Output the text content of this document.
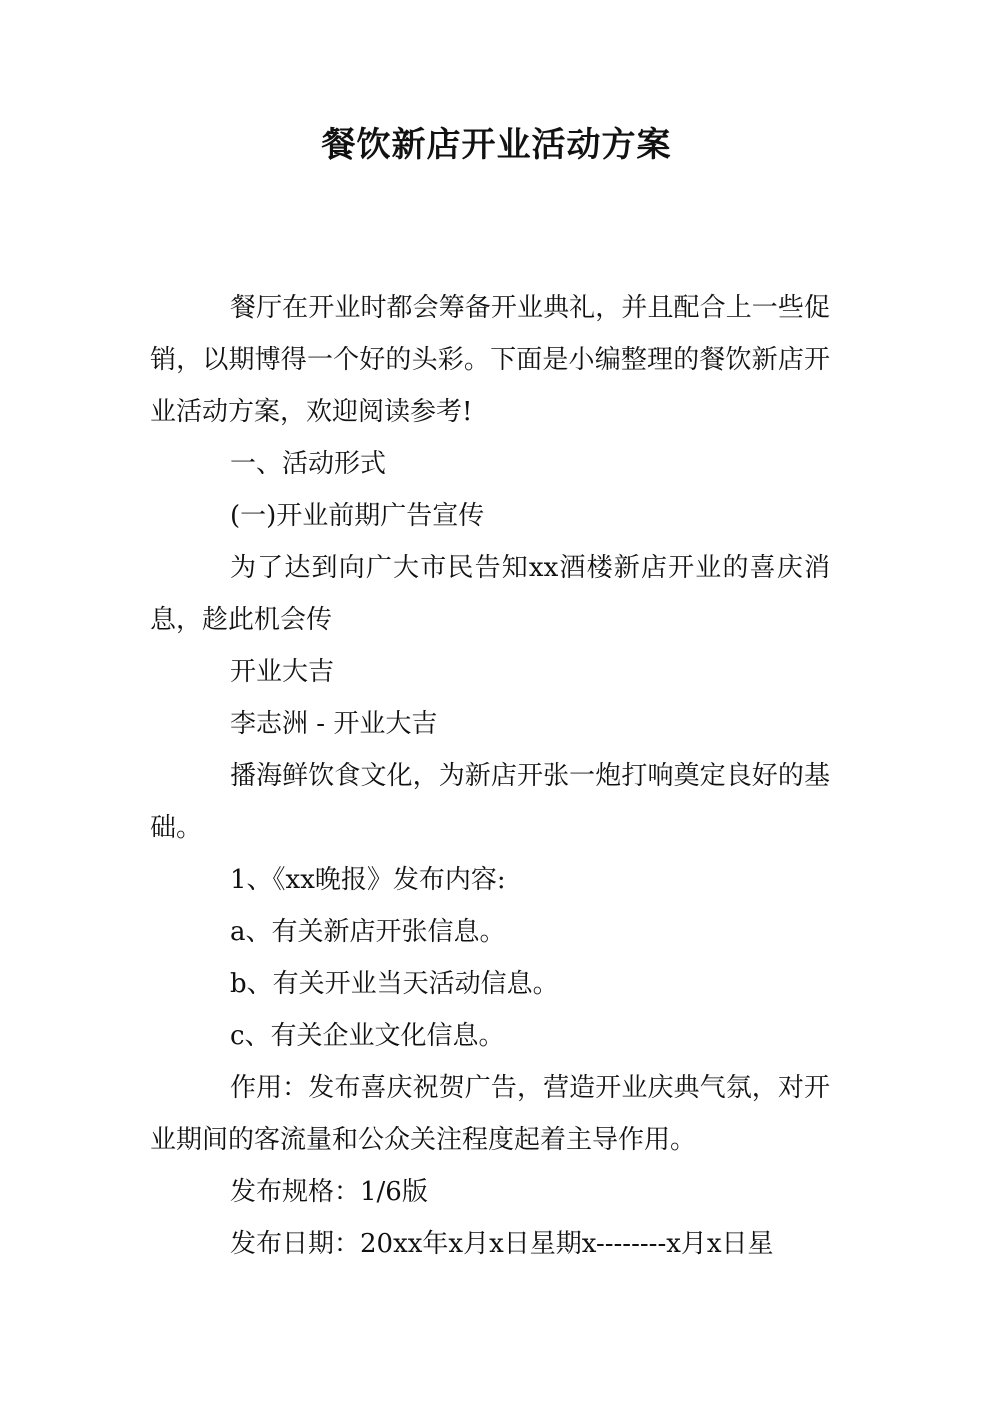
餐饮新店开业活动方案

餐厅在开业时都会筹备开业典礼，并且配合上一些促销，以期博得一个好的头彩。下面是小编整理的餐饮新店开业活动方案，欢迎阅读参考!

一、活动形式

(一)开业前期广告宣传

为了达到向广大市民告知xx酒楼新店开业的喜庆消息，趁此机会传

开业大吉

李志洲 - 开业大吉

播海鲜饮食文化，为新店开张一炮打响奠定良好的基础。

1、《xx晚报》发布内容:

a、有关新店开张信息。

b、有关开业当天活动信息。

c、有关企业文化信息。

作用：发布喜庆祝贺广告，营造开业庆典气氛，对开业期间的客流量和公众关注程度起着主导作用。

发布规格：1/6版

发布日期：20xx年x月x日星期x--------x月x日星
